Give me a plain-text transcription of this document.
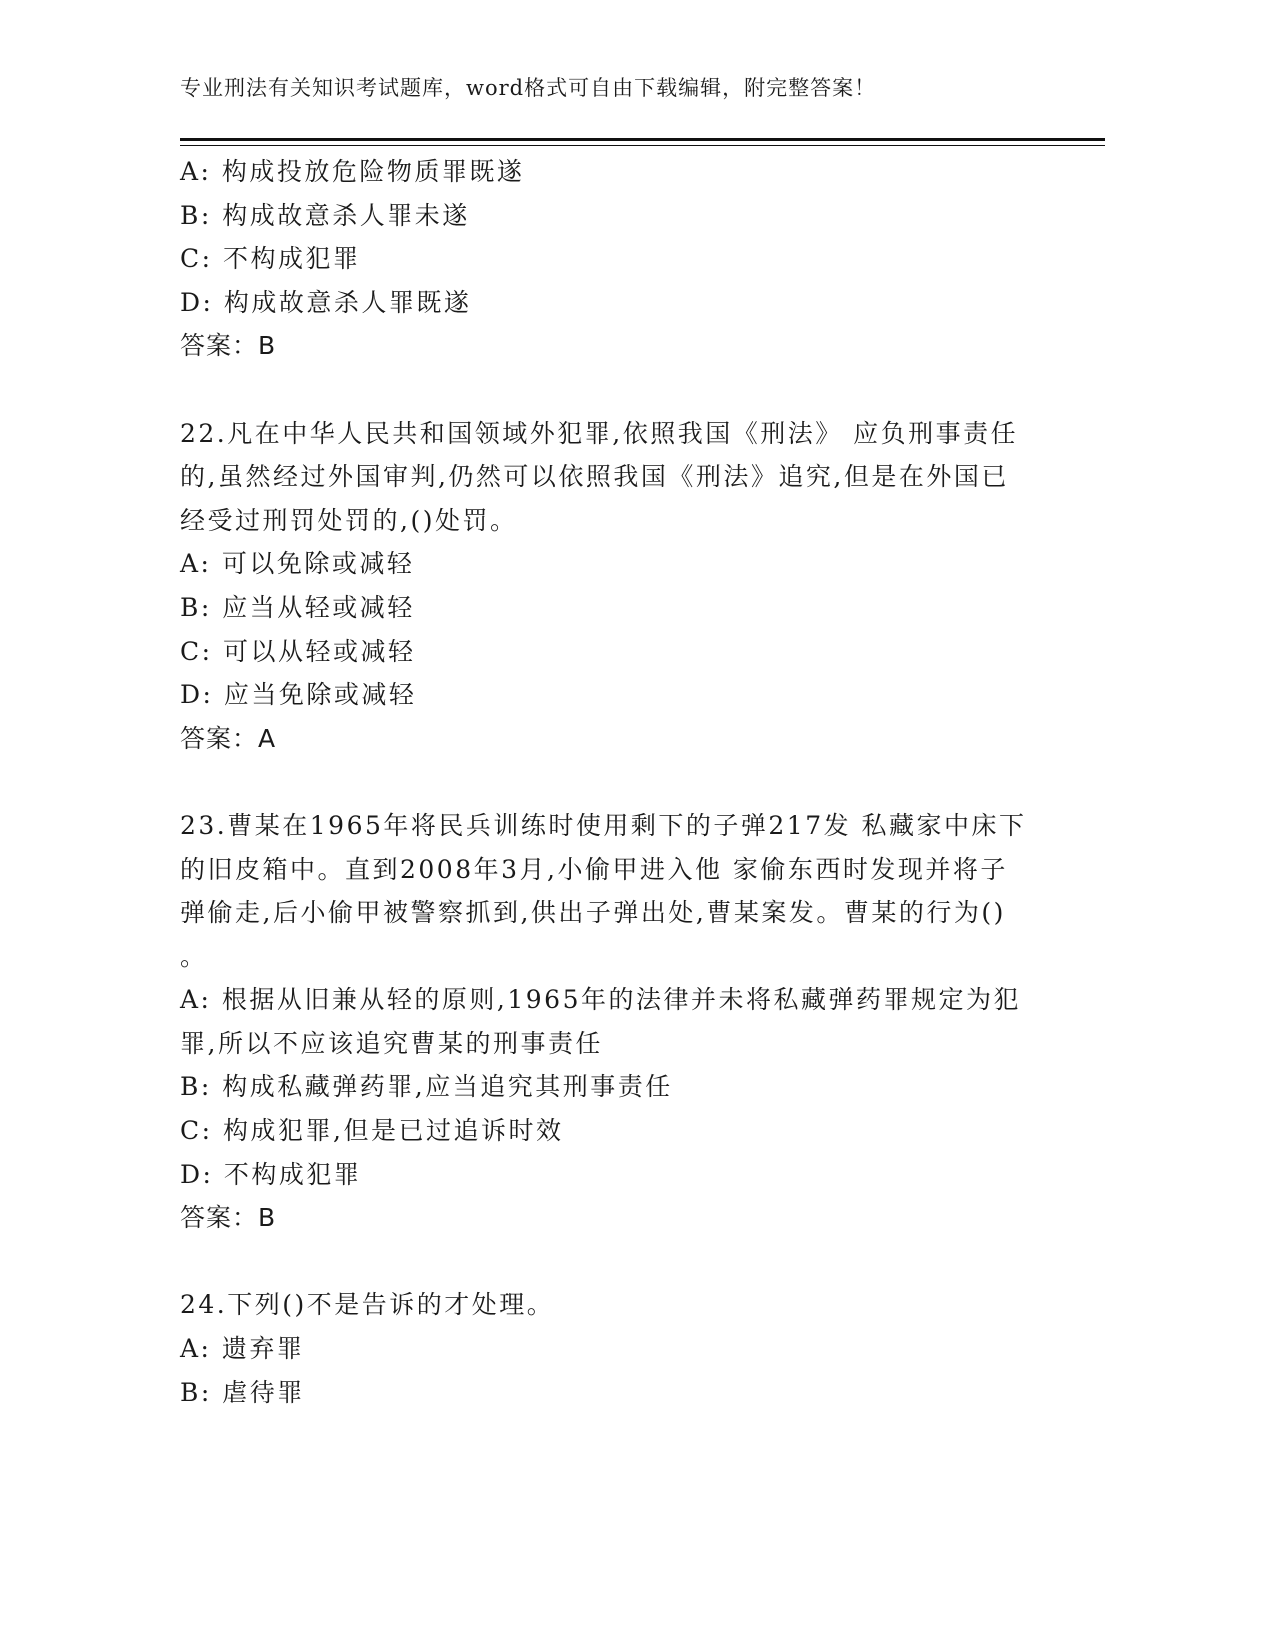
专业刑法有关知识考试题库，word格式可自由下载编辑，附完整答案！
A: 构成投放危险物质罪既遂
B: 构成故意杀人罪未遂
C: 不构成犯罪
D: 构成故意杀人罪既遂
答案：B
22.凡在中华人民共和国领域外犯罪,依照我国《刑法》 应负刑事责任
的,虽然经过外国审判,仍然可以依照我国《刑法》追究,但是在外国已
经受过刑罚处罚的,()处罚。
A: 可以免除或减轻
B: 应当从轻或减轻
C: 可以从轻或减轻
D: 应当免除或减轻
答案：A
23.曹某在1965年将民兵训练时使用剩下的子弹217发 私藏家中床下
的旧皮箱中。直到2008年3月,小偷甲进入他 家偷东西时发现并将子
弹偷走,后小偷甲被警察抓到,供出子弹出处,曹某案发。曹某的行为()
。
A: 根据从旧兼从轻的原则,1965年的法律并未将私藏弹药罪规定为犯
罪,所以不应该追究曹某的刑事责任
B: 构成私藏弹药罪,应当追究其刑事责任
C: 构成犯罪,但是已过追诉时效
D: 不构成犯罪
答案：B
24.下列()不是告诉的才处理。
A: 遗弃罪
B: 虐待罪
